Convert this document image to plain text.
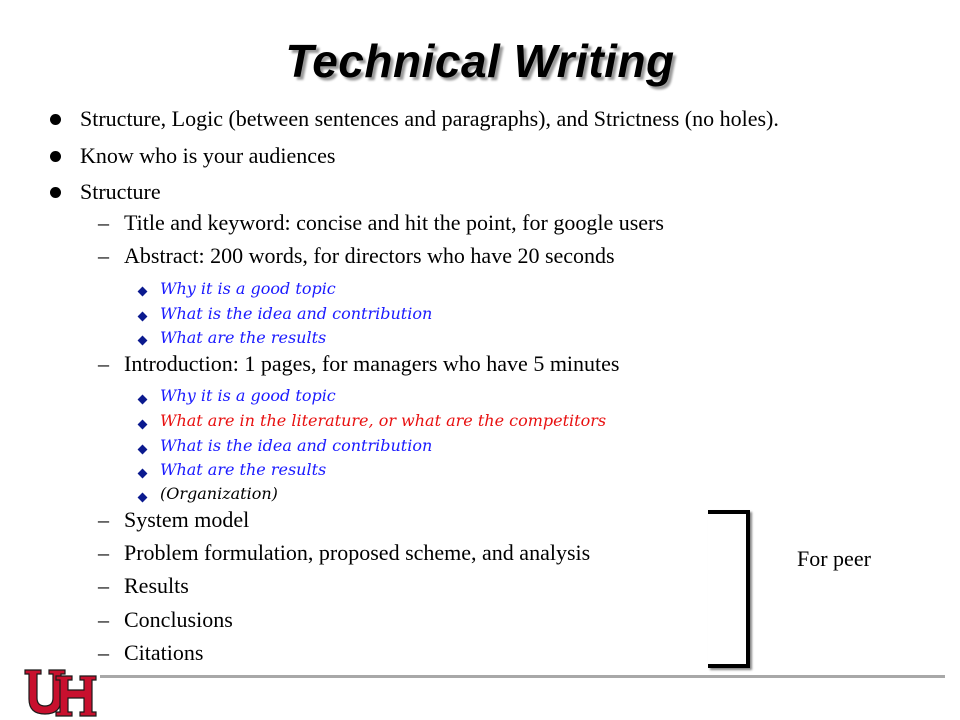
Technical Writing
Structure, Logic (between sentences and paragraphs), and Strictness (no holes).
Know who is your audiences
Structure
– Title and keyword: concise and hit the point, for google users
– Abstract: 200 words, for directors who have 20 seconds
Why it is a good topic
What is the idea and contribution
What are the results
– Introduction: 1 pages, for managers who have 5 minutes
Why it is a good topic
What are in the literature, or what are the competitors
What is the idea and contribution
What are the results
(Organization)
– System model
– Problem formulation, proposed scheme, and analysis
– Results
– Conclusions
– Citations
For peer
